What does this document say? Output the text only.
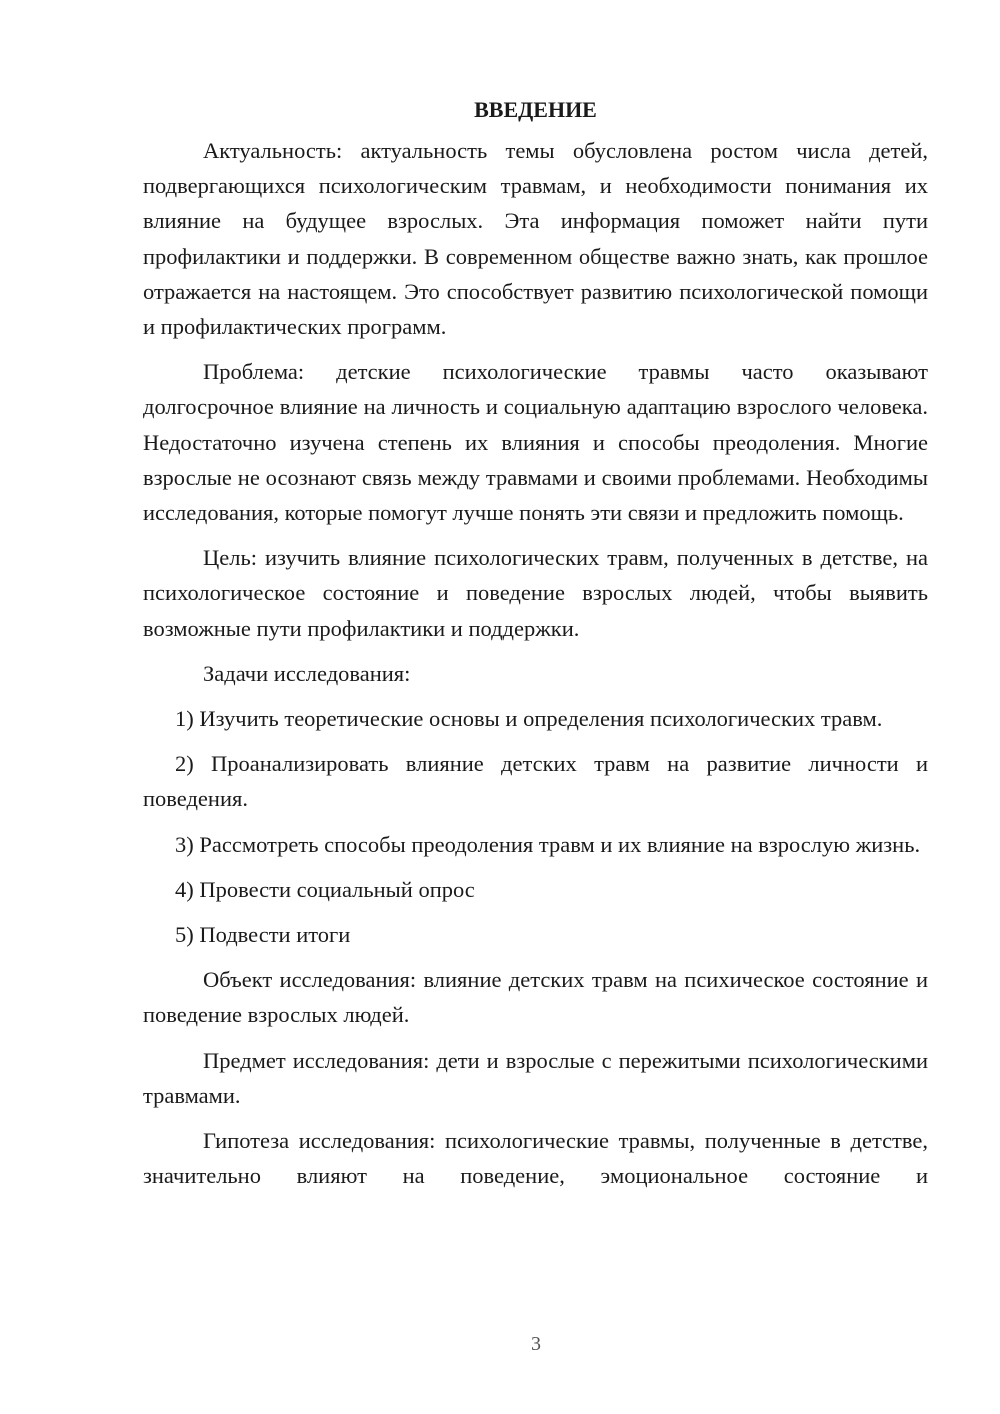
ВВЕДЕНИЕ

Актуальность: актуальность темы обусловлена ростом числа детей, подвергающихся психологическим травмам, и необходимости понимания их влияние на будущее взрослых. Эта информация поможет найти пути профилактики и поддержки. В современном обществе важно знать, как прошлое отражается на настоящем. Это способствует развитию психологической помощи и профилактических программ.

Проблема: детские психологические травмы часто оказывают долгосрочное влияние на личность и социальную адаптацию взрослого человека. Недостаточно изучена степень их влияния и способы преодоления. Многие взрослые не осознают связь между травмами и своими проблемами. Необходимы исследования, которые помогут лучше понять эти связи и предложить помощь.

Цель: изучить влияние психологических травм, полученных в детстве, на психологическое состояние и поведение взрослых людей, чтобы выявить возможные пути профилактики и поддержки.

Задачи исследования:

1) Изучить теоретические основы и определения психологических травм.

2) Проанализировать влияние детских травм на развитие личности и поведения.

3) Рассмотреть способы преодоления травм и их влияние на взрослую жизнь.

4) Провести социальный опрос

5) Подвести итоги

Объект исследования: влияние детских травм на психическое состояние и поведение взрослых людей.

Предмет исследования: дети и взрослые с пережитыми психологическими травмами.

Гипотеза исследования: психологические травмы, полученные в детстве, значительно влияют на поведение, эмоциональное состояние и

3
